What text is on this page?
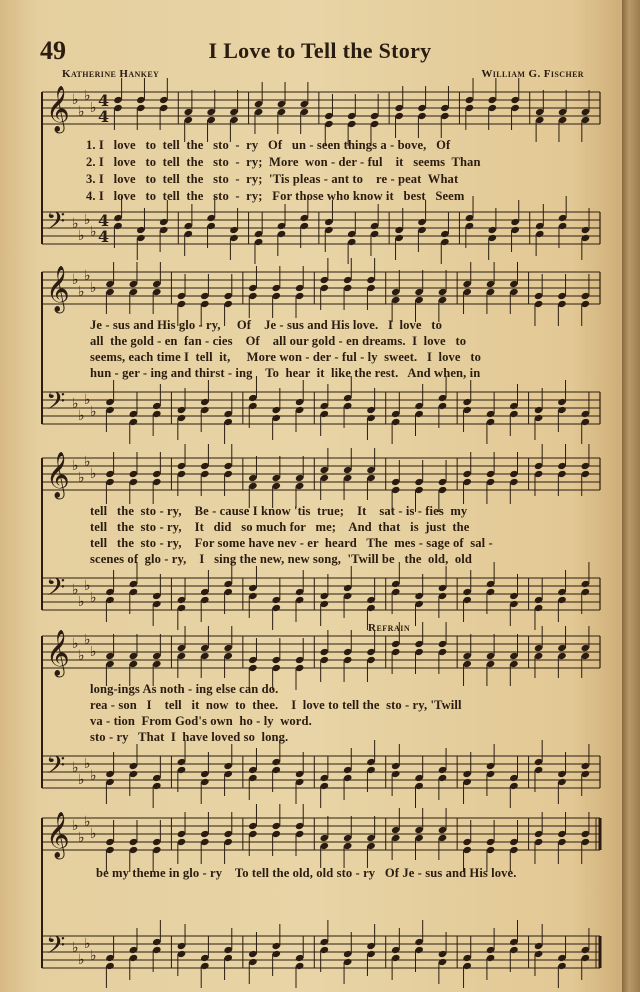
49	I Love to Tell the Story
Katherine Hankey	William G. Fischer
Refrain
𝄞 ♭
♭
♭
♭
𝄢 ♭
♭
♭
♭
4
4
4
4
𝄞 ♭
♭
♭
♭
𝄢 ♭
♭
♭
♭
𝄞 ♭
♭
♭
♭
𝄢 ♭
♭
♭
♭
𝄞 ♭
♭
♭
♭
𝄢 ♭
♭
♭
♭
𝄞 ♭
♭
♭
♭
𝄢 ♭
♭
♭
♭
1. I   love   to  tell  the   sto  -  ry   Of   un - seen things a - bove,   Of
2. I   love   to  tell  the   sto  -  ry;  More  won - der - ful    it   seems  Than
3. I   love   to  tell  the   sto  -  ry;  'Tis pleas - ant to    re - peat  What
4. I   love   to  tell  the   sto  -  ry;   For those who know it   best   Seem
Je - sus and His glo - ry,     Of    Je - sus and His love.   I  love   to
all  the gold - en  fan - cies    Of    all our gold - en dreams.  I  love   to
seems, each time I  tell  it,     More won - der - ful - ly  sweet.   I  love   to
hun - ger - ing and thirst - ing    To  hear  it  like the rest.   And when, in
tell   the  sto - ry,    Be - cause I know 'tis  true;    It    sat - is - fies  my
tell   the  sto - ry,    It   did   so much for   me;    And  that   is  just  the
tell   the  sto - ry,    For some have nev - er  heard   The  mes - sage of  sal -
scenes of  glo - ry,    I   sing the new, new song,  'Twill be   the  old,  old
long-ings As noth - ing else can do.
rea - son   I    tell   it  now  to  thee.    I  love to tell the  sto - ry, 'Twill
va - tion  From God's own  ho - ly  word.
sto - ry   That  I  have loved so  long.
be my theme in glo - ry    To tell the old, old sto - ry   Of Je - sus and His love.
